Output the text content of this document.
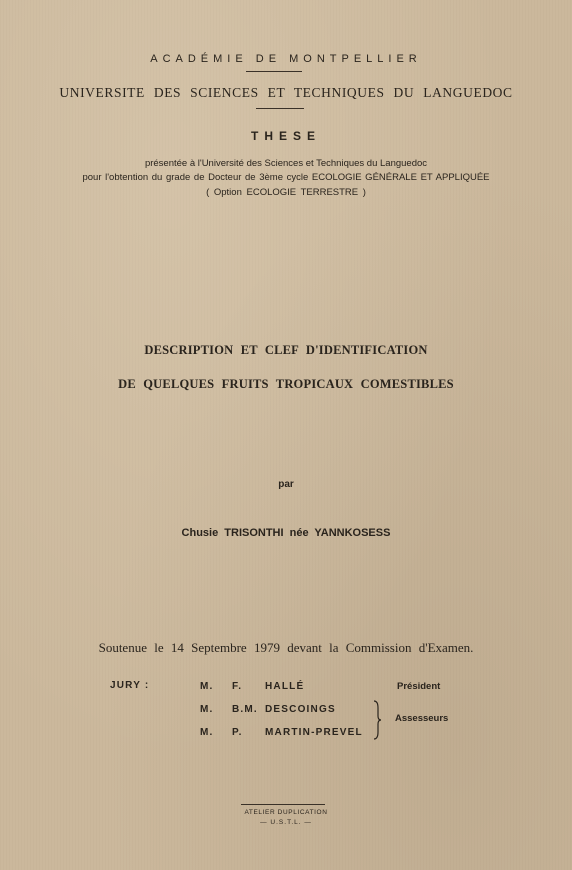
ACADÉMIE DE MONTPELLIER
UNIVERSITE DES SCIENCES ET TECHNIQUES DU LANGUEDOC
THESE
présentée à l'Université des Sciences et Techniques du Languedoc
pour l'obtention du grade de Docteur de 3ème cycle ECOLOGIE GÉNÉRALE ET APPLIQUÉE
( Option ECOLOGIE TERRESTRE )
DESCRIPTION ET CLEF D'IDENTIFICATION
DE QUELQUES FRUITS TROPICAUX COMESTIBLES
par
Chusie TRISONTHI née YANNKOSESS
Soutenue le 14 Septembre 1979 devant la Commission d'Examen.
JURY :	M. F. HALLÉ
M. B.M. DESCOINGS
M. P. MARTIN-PREVEL
Président
Assesseurs
ATELIER DUPLICATION
— U.S.T.L. —
